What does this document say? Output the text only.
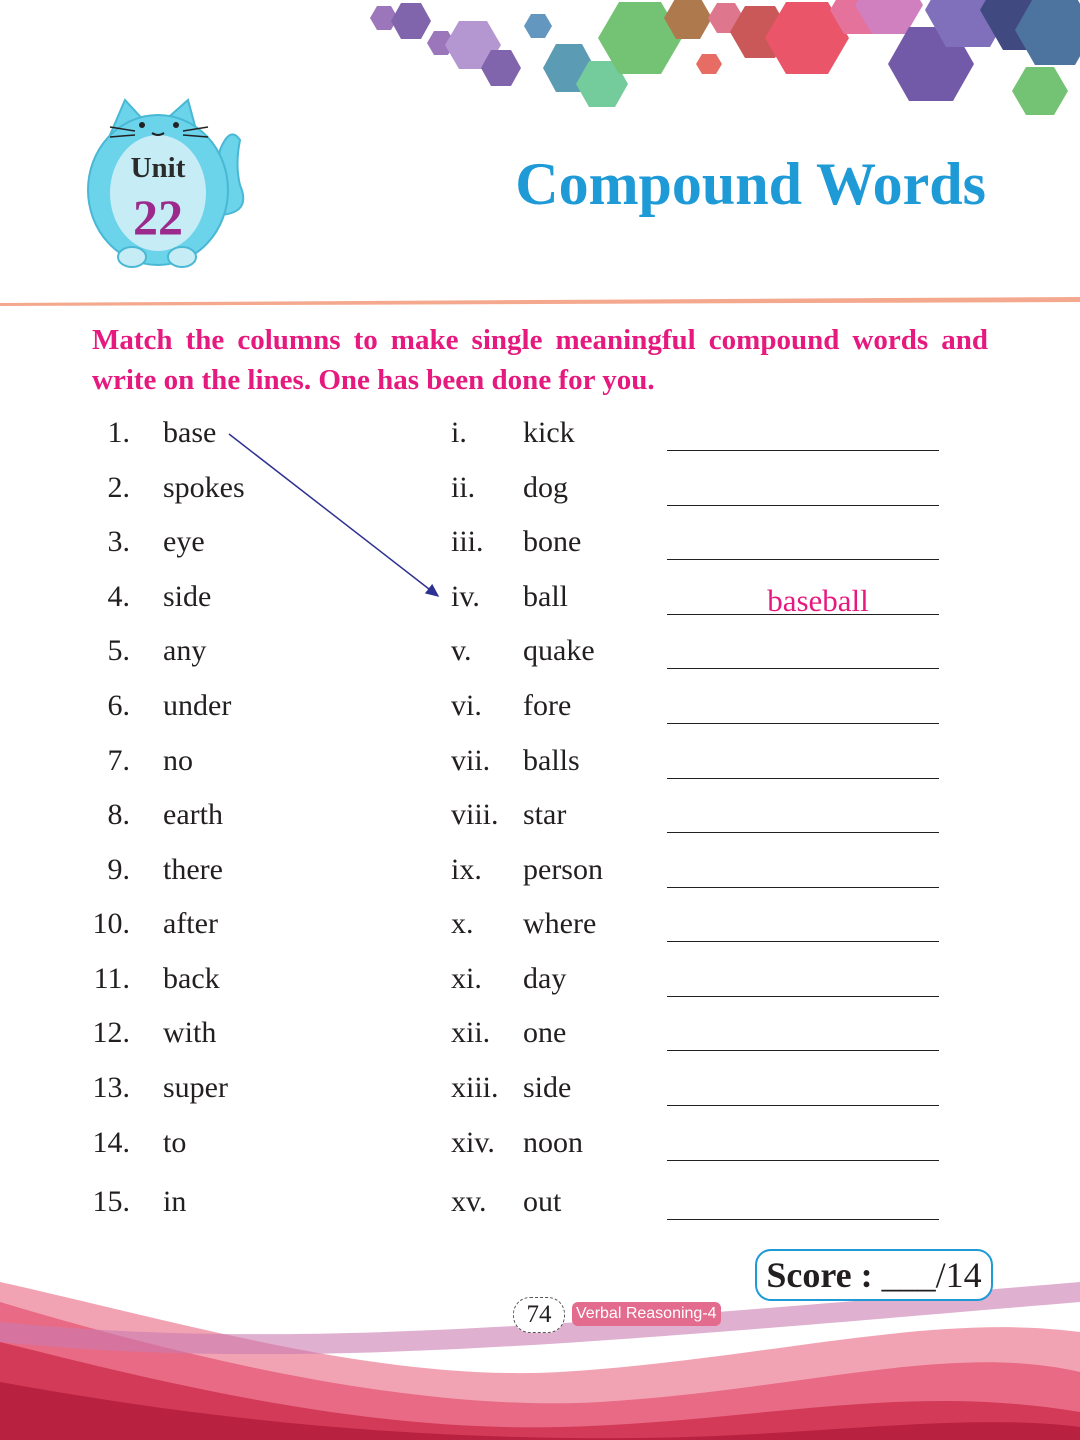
Unit
22	Compound Words
Match the columns to make single meaningful compound words and write on the lines. One has been done for you.
1. base	i. kick
2. spokes	ii. dog
3. eye	iii. bone
4. side	iv. ball	baseball
5. any	v. quake
6. under	vi. fore
7. no	vii. balls
8. earth	viii. star
9. there	ix. person
10. after	x. where
11. back	xi. day
12. with	xii. one
13. super	xiii. side
14. to	xiv. noon
15. in	xv. out
Score : ___/14
74	Verbal Reasoning-4
